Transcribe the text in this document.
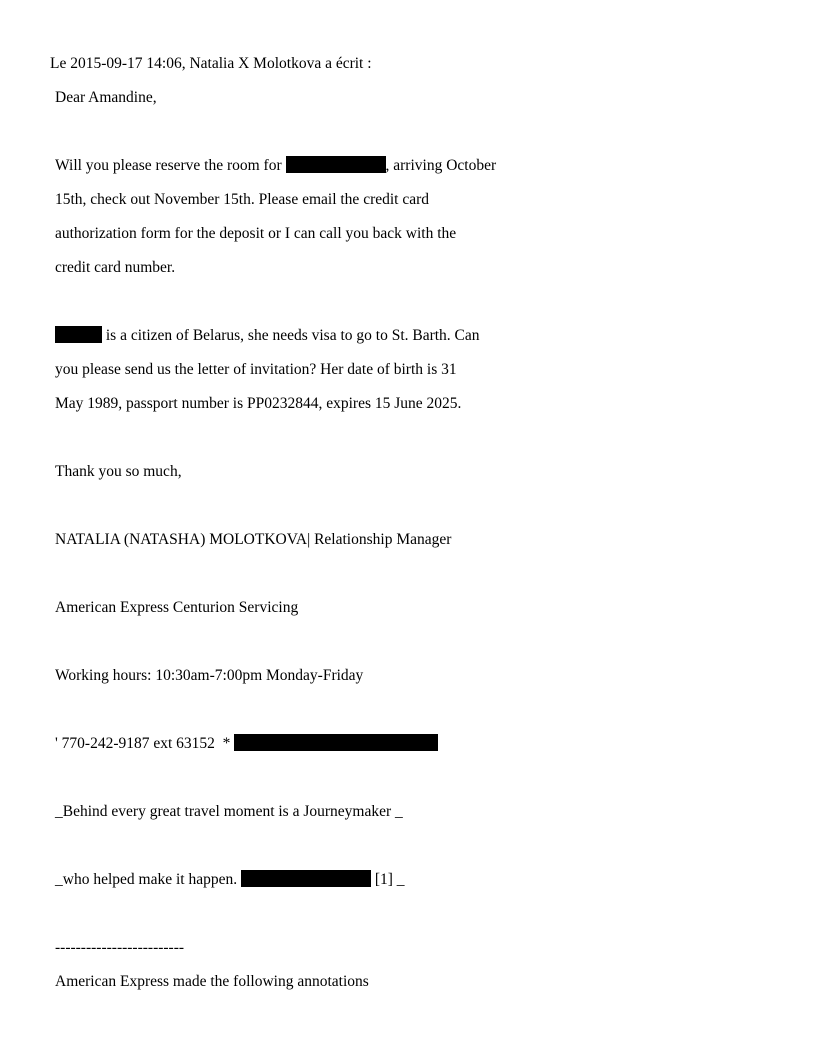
Le 2015-09-17 14:06, Natalia X Molotkova a écrit :

Dear Amandine,

Will you please reserve the room for	, arriving October

15th, check out November 15th. Please email the credit card

authorization form for the deposit or I can call you back with the

credit card number.

is a citizen of Belarus, she needs visa to go to St. Barth. Can

you please send us the letter of invitation? Her date of birth is 31

May 1989, passport number is PP0232844, expires 15 June 2025.

Thank you so much,

NATALIA (NATASHA) MOLOTKOVA| Relationship Manager

American Express Centurion Servicing

Working hours: 10:30am-7:00pm Monday-Friday

' 770-242-9187 ext 63152  *

_Behind every great travel moment is a Journeymaker _

_who helped make it happen.	[1] _

-------------------------

American Express made the following annotations
